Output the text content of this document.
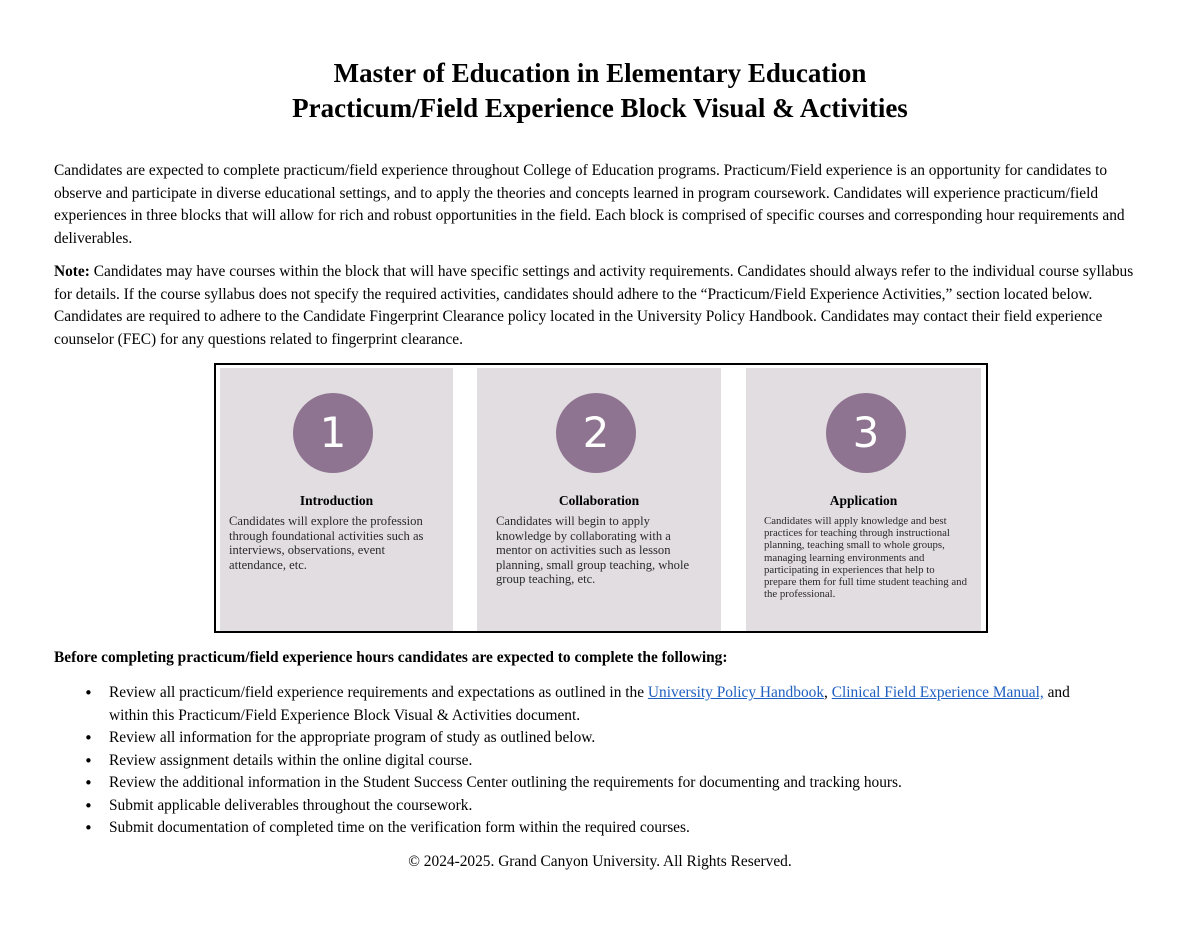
Master of Education in Elementary Education
Practicum/Field Experience Block Visual & Activities

Candidates are expected to complete practicum/field experience throughout College of Education programs. Practicum/Field experience is an opportunity for candidates to observe and participate in diverse educational settings, and to apply the theories and concepts learned in program coursework. Candidates will experience practicum/field experiences in three blocks that will allow for rich and robust opportunities in the field. Each block is comprised of specific courses and corresponding hour requirements and deliverables.

Note: Candidates may have courses within the block that will have specific settings and activity requirements. Candidates should always refer to the individual course syllabus for details. If the course syllabus does not specify the required activities, candidates should adhere to the “Practicum/Field Experience Activities,” section located below. Candidates are required to adhere to the Candidate Fingerprint Clearance policy located in the University Policy Handbook. Candidates may contact their field experience counselor (FEC) for any questions related to fingerprint clearance.

1
Introduction
Candidates will explore the profession through foundational activities such as interviews, observations, event attendance, etc.
2
Collaboration
Candidates will begin to apply knowledge by collaborating with a mentor on activities such as lesson planning, small group teaching, whole group teaching, etc.
3
Application
Candidates will apply knowledge and best practices for teaching through instructional planning, teaching small to whole groups, managing learning environments and participating in experiences that help to prepare them for full time student teaching and the professional.
Before completing practicum/field experience hours candidates are expected to complete the following:
• Review all practicum/field experience requirements and expectations as outlined in the University Policy Handbook, Clinical Field Experience Manual, and within this Practicum/Field Experience Block Visual & Activities document.
• Review all information for the appropriate program of study as outlined below.
• Review assignment details within the online digital course.
• Review the additional information in the Student Success Center outlining the requirements for documenting and tracking hours.
• Submit applicable deliverables throughout the coursework.
• Submit documentation of completed time on the verification form within the required courses.
© 2024-2025. Grand Canyon University. All Rights Reserved.
